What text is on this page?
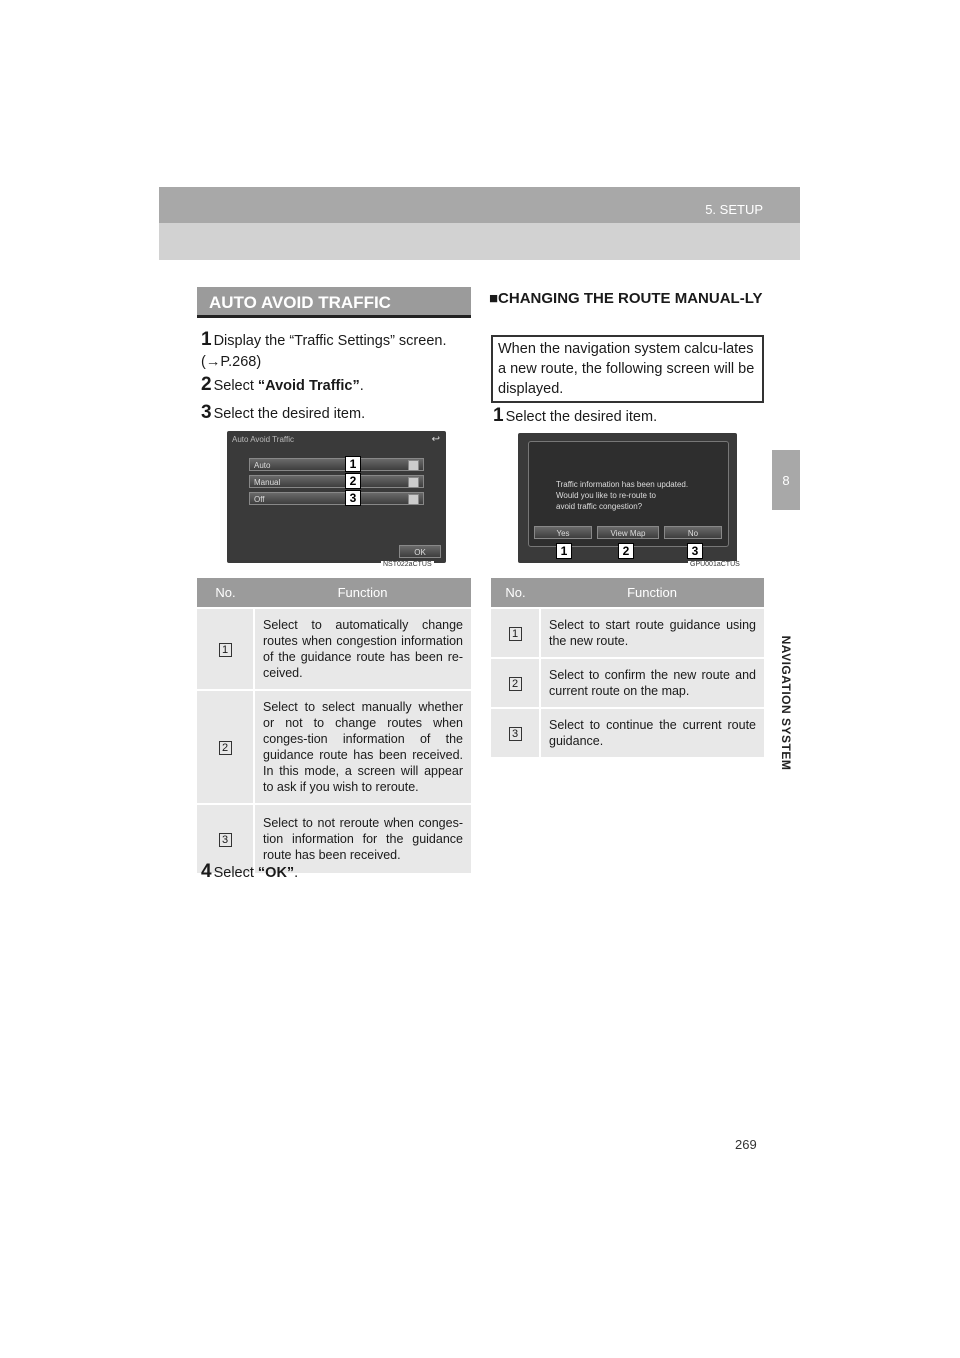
5. SETUP
8
NAVIGATION SYSTEM
AUTO AVOID TRAFFIC
1 Display the “Traffic Settings” screen. (→P.268)
2 Select “Avoid Traffic”.
3 Select the desired item.
Auto Avoid Traffic	↩
Auto
Manual
Off
1
2
3
OK
NST022aCTUS
No.	Function
1	Select to automatically change routes when congestion information of the guidance route has been re-ceived.
2	Select to select manually whether or not to change routes when conges-tion information of the guidance route has been received. In this mode, a screen will appear to ask if you wish to reroute.
3	Select to not reroute when conges-tion information for the guidance route has been received.
4 Select “OK”.
■CHANGING THE ROUTE MANUAL-LY
When the navigation system calcu-lates a new route, the following screen will be displayed.
1 Select the desired item.
Traffic information has been updated.
Would you like to re-route to
avoid traffic congestion?
Yes	View Map	No
1	2	3
GPU001aCTUS
No.	Function
1	Select to start route guidance using the new route.
2	Select to confirm the new route and current route on the map.
3	Select to continue the current route guidance.
269
